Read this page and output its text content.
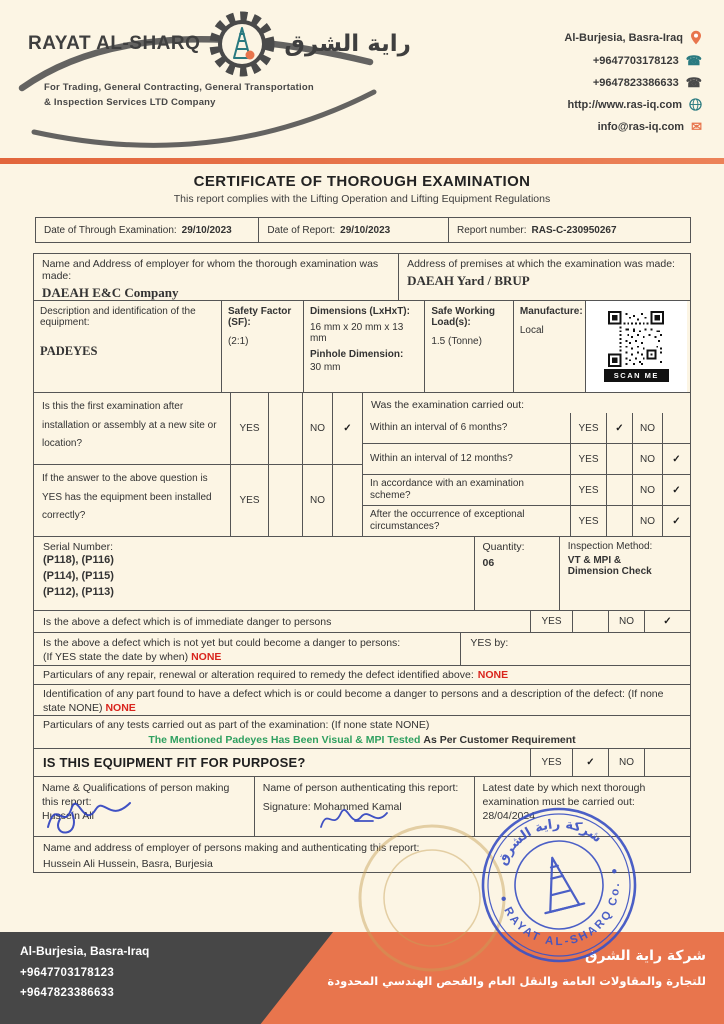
RAYAT AL-SHARQ	راية الشرق
For Trading, General Contracting, General Transportation
& Inspection Services LTD Company
Al-Burjesia, Basra-Iraq
+9647703178123 ☎
+9647823386633 ☎
http://www.ras-iq.com
info@ras-iq.com ✉
CERTIFICATE OF THOROUGH EXAMINATION
This report complies with the Lifting Operation and Lifting Equipment Regulations
Date of Through Examination: 29/10/2023	Date of Report: 29/10/2023	Report number: RAS-C-230950267
Name and Address of employer for whom the thorough examination was made:
DAEAH E&C Company
Address of premises at which the examination was made:
DAEAH Yard / BRUP
Description and identification of the equipment:
PADEYES
Safety Factor (SF):
(2:1)
Dimensions (LxHxT):
16 mm x 20 mm x 13 mm
Pinhole Dimension:
30 mm
Safe Working Load(s):
1.5 (Tonne)
Manufacture:
Local
SCAN ME
Is this the first examination after installation or assembly at a new site or location?
YES	NO	✓
If the answer to the above question is YES has the equipment been installed correctly?
YES	NO
Was the examination carried out:
Within an interval of 6 months?	YES	✓	NO
Within an interval of 12 months?	YES	NO	✓
In accordance with an examination scheme?	YES	NO	✓
After the occurrence of exceptional circumstances?	YES	NO	✓
Serial Number:
(P118), (P116)
(P114), (P115)
(P112), (P113)
Quantity:
06
Inspection Method:
VT & MPI &
Dimension Check
Is the above a defect which is of immediate danger to persons	YES	NO	✓
Is the above a defect which is not yet but could become a danger to persons:
(If YES state the date by when) NONE
YES by:
Particulars of any repair, renewal or alteration required to remedy the defect identified above: NONE
Identification of any part found to have a defect which is or could become a danger to persons and a description of the defect: (If none state NONE) NONE
Particulars of any tests carried out as part of the examination: (If none state NONE)
The Mentioned Padeyes Has Been Visual & MPI Tested As Per Customer Requirement
IS THIS EQUIPMENT FIT FOR PURPOSE?	YES	✓	NO
Name & Qualifications of person making this report:
Hussein Ali
Name of person authenticating this report:
Signature: Mohammed Kamal
Latest date by which next thorough examination must be carried out:
28/04/2024
Name and address of employer of persons making and authenticating this report:
Hussein Ali Hussein, Basra, Burjesia	شركة راية الشرق
RAYAT AL-SHARQ Co.
Al-Burjesia, Basra-Iraq
+9647703178123
+9647823386633
شركة راية الشرق
للتجارة والمقاولات العامة والنقل العام والفحص الهندسي المحدودة
